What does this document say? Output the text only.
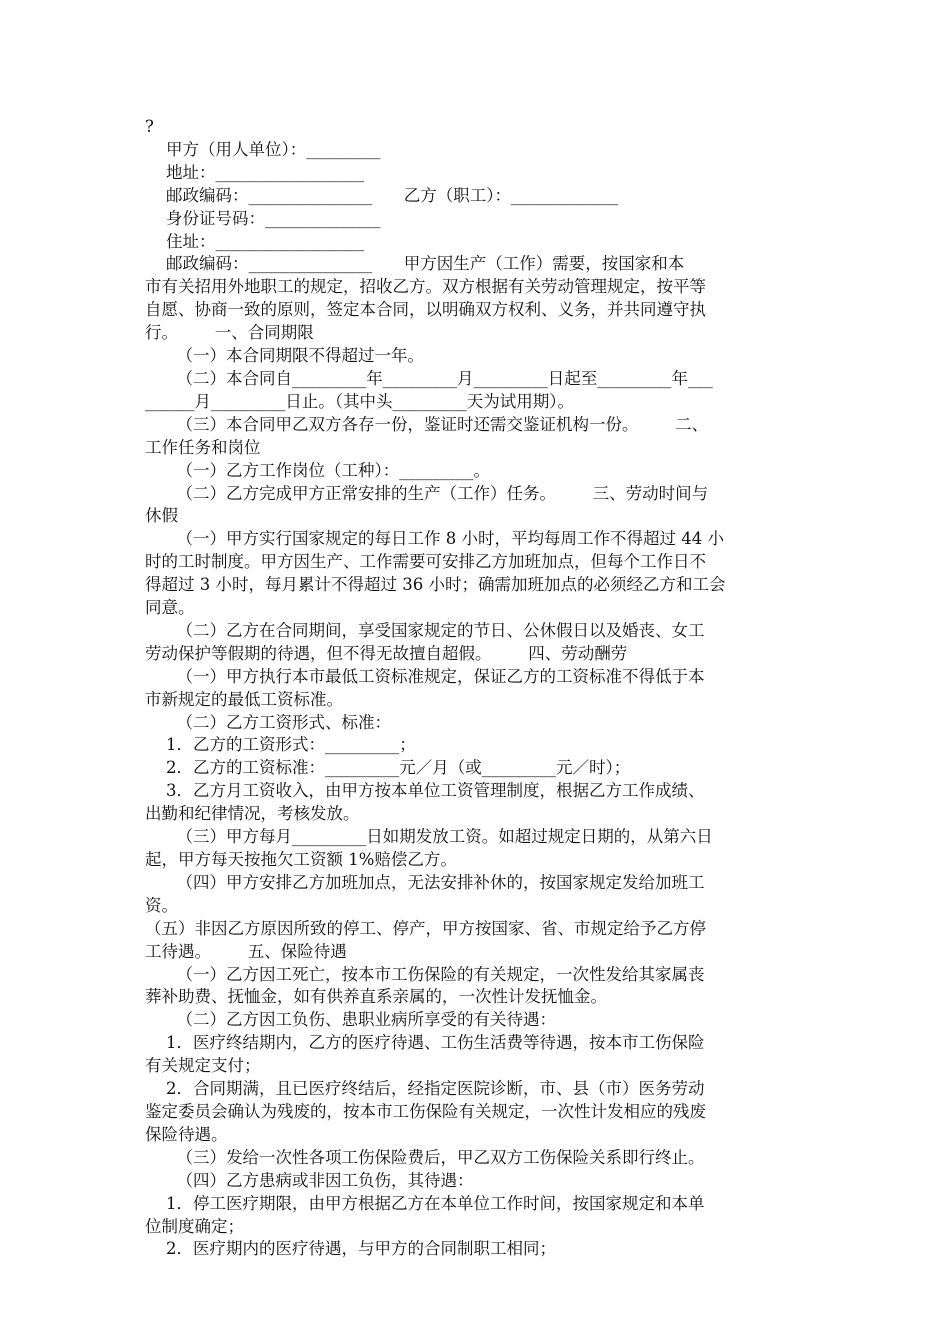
?
甲方（用人单位）：_________
地址：__________________
邮政编码：_______________      乙方（职工）：_____________
身份证号码：______________
住址：__________________
邮政编码：_______________      甲方因生产（工作）需要，按国家和本
市有关招用外地职工的规定，招收乙方。双方根据有关劳动管理规定，按平等
自愿、协商一致的原则，签定本合同，以明确双方权利、义务，并共同遵守执
行。       一、合同期限
（一）本合同期限不得超过一年。
（二）本合同自_________年_________月_________日起至_________年___
______月_________日止。（其中头_________天为试用期）。
（三）本合同甲乙双方各存一份，鉴证时还需交鉴证机构一份。       二、
工作任务和岗位
（一）乙方工作岗位（工种）：_________。
（二）乙方完成甲方正常安排的生产（工作）任务。       三、劳动时间与
休假
（一）甲方实行国家规定的每日工作 8 小时，平均每周工作不得超过 44 小
时的工时制度。甲方因生产、工作需要可安排乙方加班加点，但每个工作日不
得超过 3 小时，每月累计不得超过 36 小时；确需加班加点的必须经乙方和工会
同意。
（二）乙方在合同期间，享受国家规定的节日、公休假日以及婚丧、女工
劳动保护等假期的待遇，但不得无故擅自超假。       四、劳动酬劳
（一）甲方执行本市最低工资标准规定，保证乙方的工资标准不得低于本
市新规定的最低工资标准。
（二）乙方工资形式、标准：
1．乙方的工资形式：_________；
2．乙方的工资标准：_________元／月（或_________元／时）；
3．乙方月工资收入，由甲方按本单位工资管理制度，根据乙方工作成绩、
出勤和纪律情况，考核发放。
（三）甲方每月_________日如期发放工资。如超过规定日期的，从第六日
起，甲方每天按拖欠工资额 1%赔偿乙方。
（四）甲方安排乙方加班加点，无法安排补休的，按国家规定发给加班工
资。
（五）非因乙方原因所致的停工、停产，甲方按国家、省、市规定给予乙方停
工待遇。       五、保险待遇
（一）乙方因工死亡，按本市工伤保险的有关规定，一次性发给其家属丧
葬补助费、抚恤金，如有供养直系亲属的，一次性计发抚恤金。
（二）乙方因工负伤、患职业病所享受的有关待遇：
1．医疗终结期内，乙方的医疗待遇、工伤生活费等待遇，按本市工伤保险
有关规定支付；
2．合同期满，且已医疗终结后，经指定医院诊断，市、县（市）医务劳动
鉴定委员会确认为残废的，按本市工伤保险有关规定，一次性计发相应的残废
保险待遇。
（三）发给一次性各项工伤保险费后，甲乙双方工伤保险关系即行终止。
（四）乙方患病或非因工负伤，其待遇：
1．停工医疗期限，由甲方根据乙方在本单位工作时间，按国家规定和本单
位制度确定；
2．医疗期内的医疗待遇，与甲方的合同制职工相同；
